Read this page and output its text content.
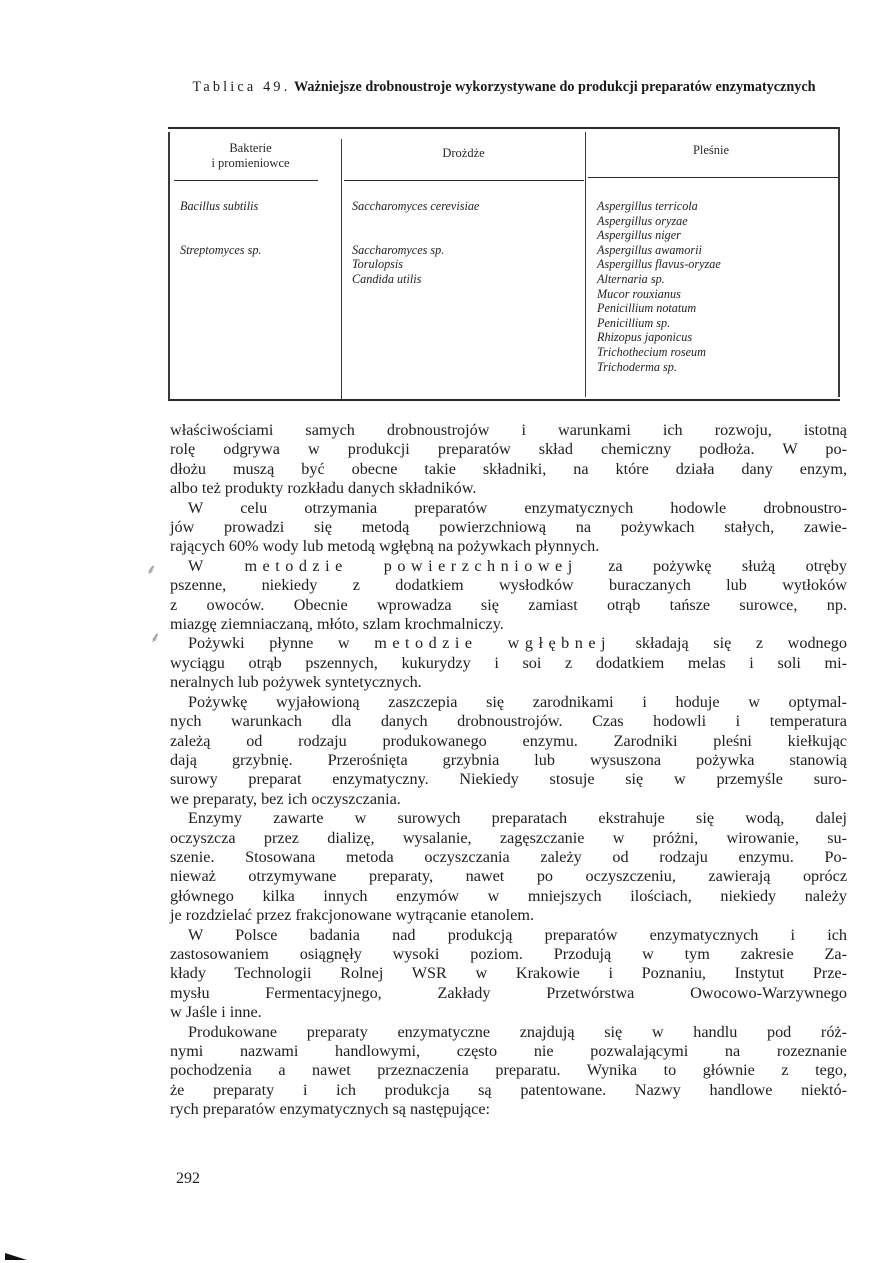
Tablica 49. Ważniejsze drobnoustroje wykorzystywane do produkcji preparatów enzymatycznych
Bakterie
i promieniowce
Drożdże	Pleśnie
Bacillus subtilis
Streptomyces sp.
Saccharomyces cerevisiae
Saccharomyces sp.
Torulopsis
Candida utilis
Aspergillus terricola
Aspergillus oryzae
Aspergillus niger
Aspergillus awamorii
Aspergillus flavus-oryzae
Alternaria sp.
Mucor rouxianus
Penicillium notatum
Penicillium sp.
Rhizopus japonicus
Trichothecium roseum
Trichoderma sp.

właściwościami samych drobnoustrojów i warunkami ich rozwoju, istotną

rolę odgrywa w produkcji preparatów skład chemiczny podłoża. W po-

dłożu muszą być obecne takie składniki, na które działa dany enzym,

albo też produkty rozkładu danych składników.

W celu otrzymania preparatów enzymatycznych hodowle drobnoustro-

jów prowadzi się metodą powierzchniową na pożywkach stałych, zawie-

rających 60% wody lub metodą wgłębną na pożywkach płynnych.

W metodzie powierzchniowej za pożywkę służą otręby

pszenne, niekiedy z dodatkiem wysłodków buraczanych lub wytłoków

z owoców. Obecnie wprowadza się zamiast otrąb tańsze surowce, np.

miazgę ziemniaczaną, młóto, szlam krochmalniczy.

Pożywki płynne w metodzie wgłębnej składają się z wodnego

wyciągu otrąb pszennych, kukurydzy i soi z dodatkiem melas i soli mi-

neralnych lub pożywek syntetycznych.

Pożywkę wyjałowioną zaszczepia się zarodnikami i hoduje w optymal-

nych warunkach dla danych drobnoustrojów. Czas hodowli i temperatura

zależą od rodzaju produkowanego enzymu. Zarodniki pleśni kiełkując

dają grzybnię. Przerośnięta grzybnia lub wysuszona pożywka stanowią

surowy preparat enzymatyczny. Niekiedy stosuje się w przemyśle suro-

we preparaty, bez ich oczyszczania.

Enzymy zawarte w surowych preparatach ekstrahuje się wodą, dalej

oczyszcza przez dializę, wysalanie, zagęszczanie w próżni, wirowanie, su-

szenie. Stosowana metoda oczyszczania zależy od rodzaju enzymu. Po-

nieważ otrzymywane preparaty, nawet po oczyszczeniu, zawierają oprócz

głównego kilka innych enzymów w mniejszych ilościach, niekiedy należy

je rozdzielać przez frakcjonowane wytrącanie etanolem.

W Polsce badania nad produkcją preparatów enzymatycznych i ich

zastosowaniem osiągnęły wysoki poziom. Przodują w tym zakresie Za-

kłady Technologii Rolnej WSR w Krakowie i Poznaniu, Instytut Prze-

mysłu Fermentacyjnego, Zakłady Przetwórstwa Owocowo-Warzywnego

w Jaśle i inne.

Produkowane preparaty enzymatyczne znajdują się w handlu pod róż-

nymi nazwami handlowymi, często nie pozwalającymi na rozeznanie

pochodzenia a nawet przeznaczenia preparatu. Wynika to głównie z tego,

że preparaty i ich produkcja są patentowane. Nazwy handlowe niektó-

rych preparatów enzymatycznych są następujące:

⸙
⸙
292
